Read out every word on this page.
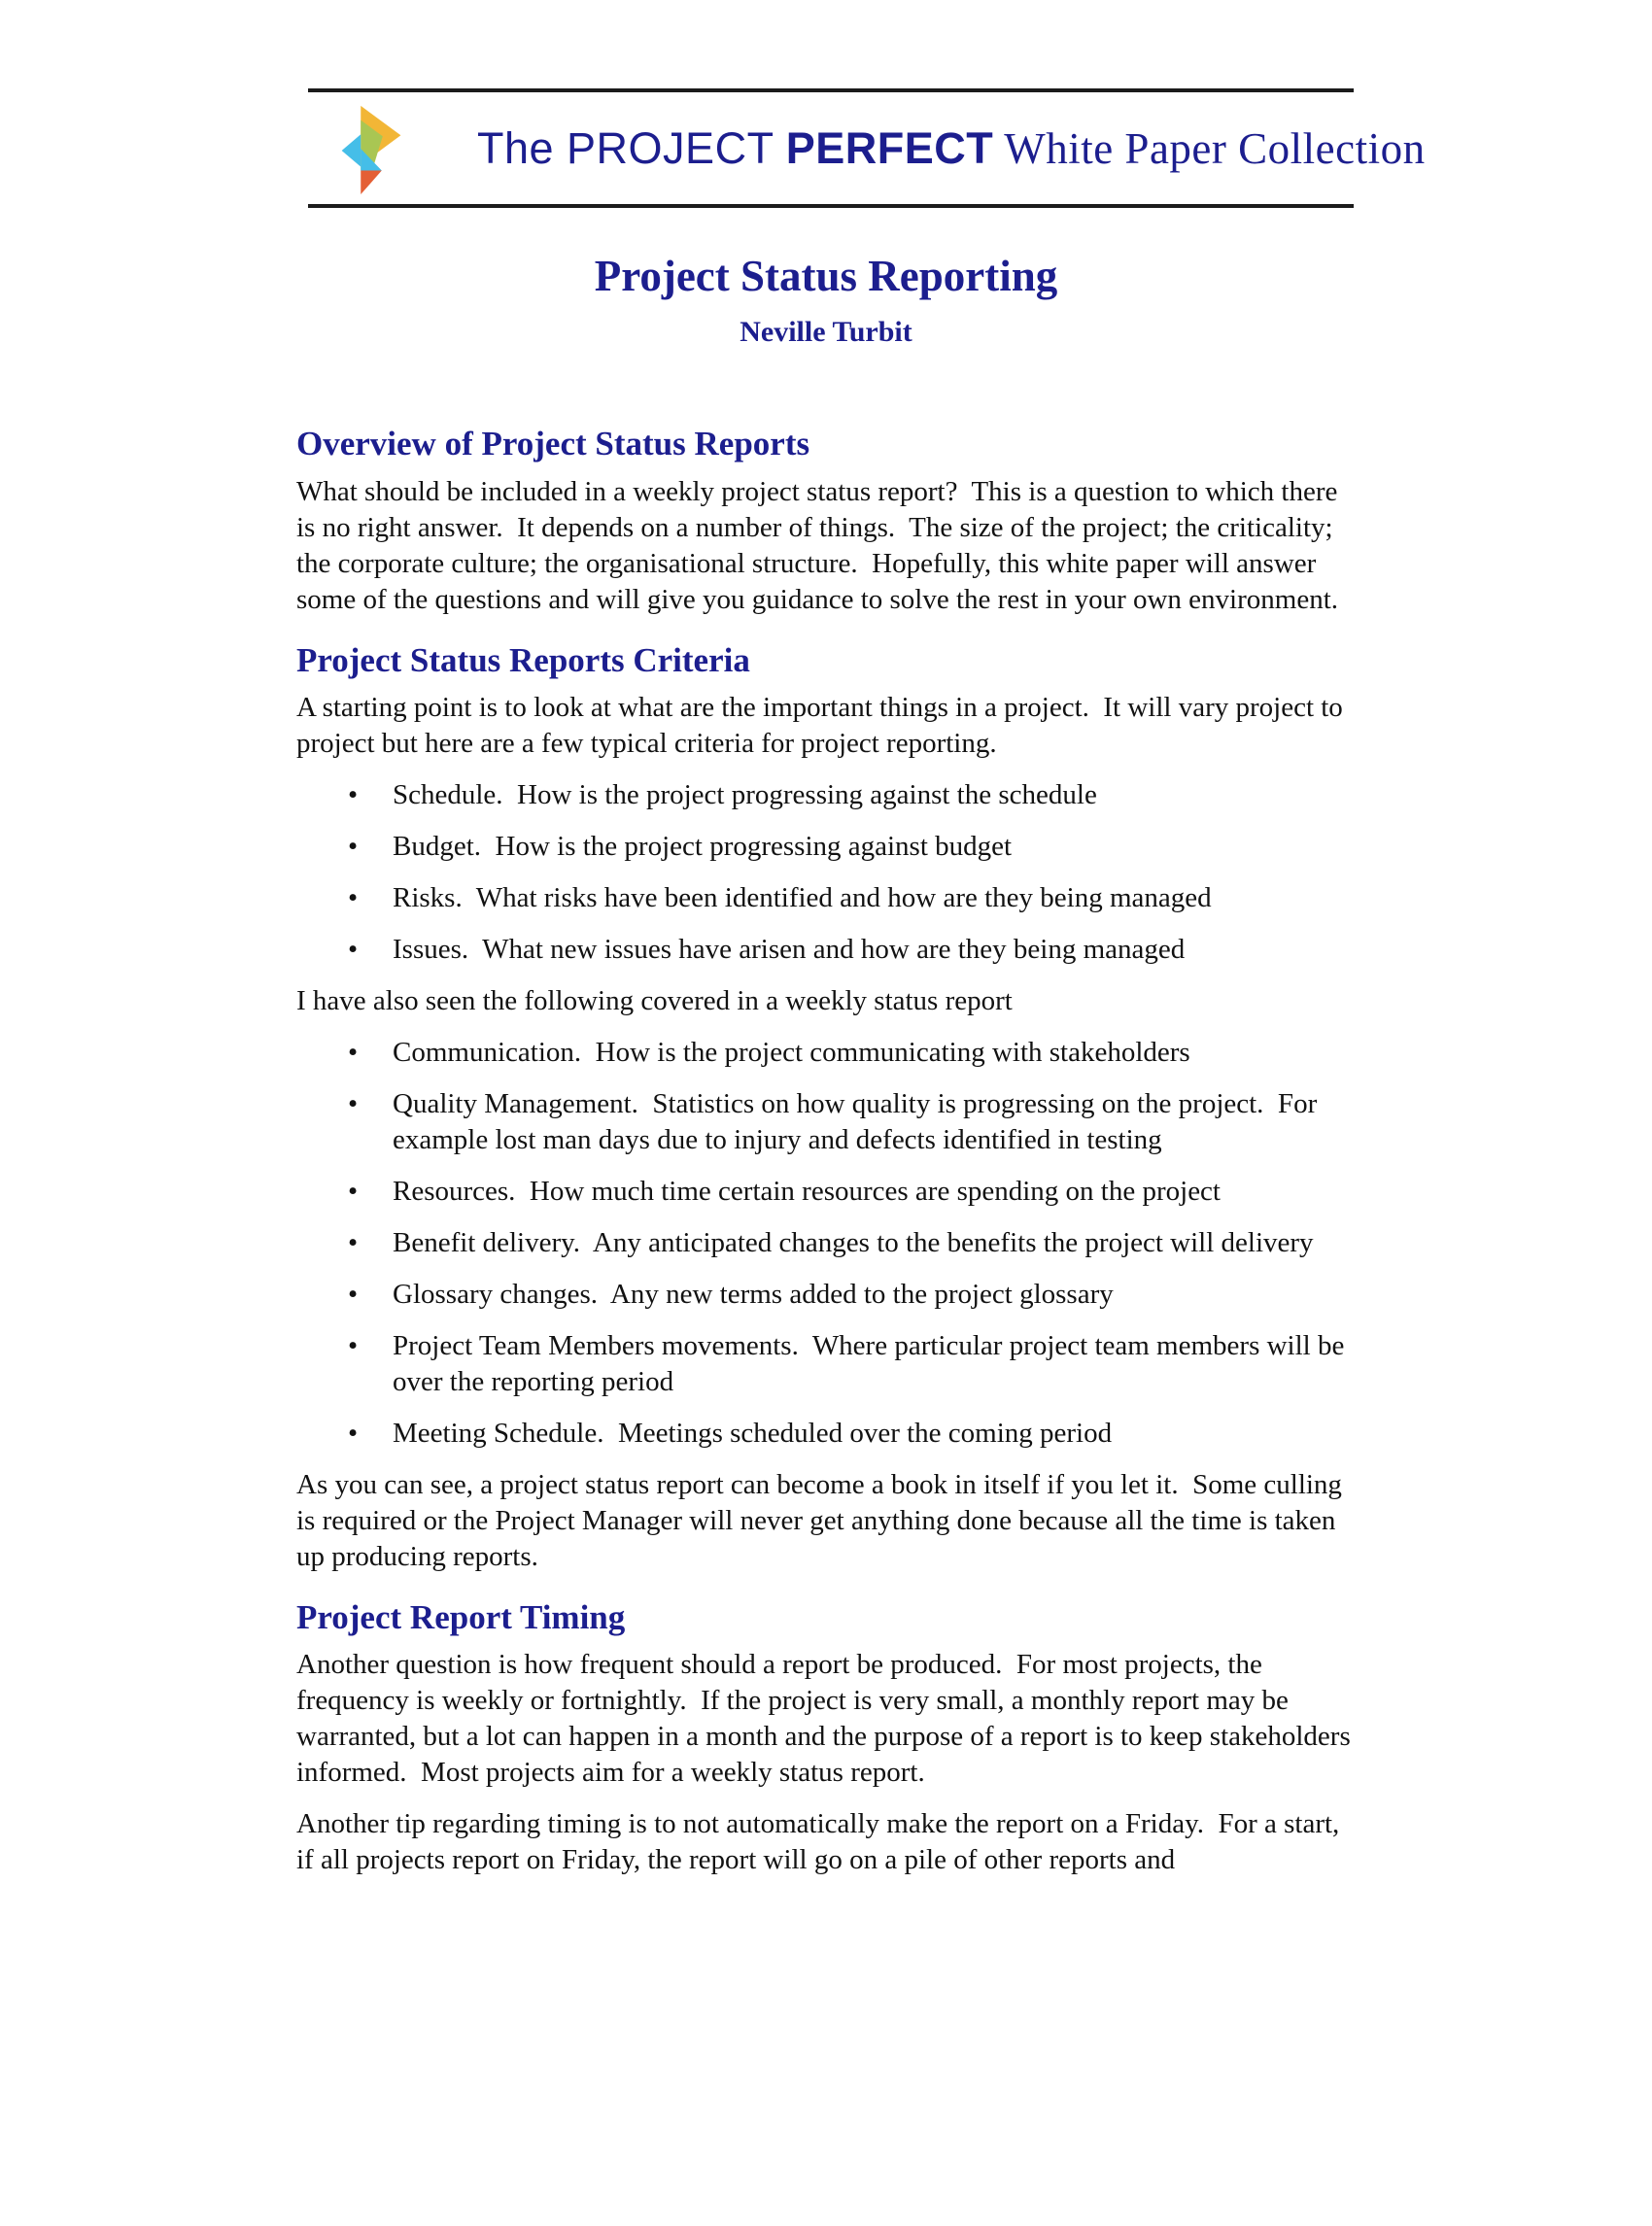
The PROJECT PERFECT White Paper Collection
Project Status Reporting
Neville Turbit
Overview of Project Status Reports

What should be included in a weekly project status report?  This is a question to which there is no right answer.  It depends on a number of things.  The size of the project; the criticality; the corporate culture; the organisational structure.  Hopefully, this white paper will answer some of the questions and will give you guidance to solve the rest in your own environment.

Project Status Reports Criteria

A starting point is to look at what are the important things in a project.  It will vary project to project but here are a few typical criteria for project reporting.

• Schedule.  How is the project progressing against the schedule
• Budget.  How is the project progressing against budget
• Risks.  What risks have been identified and how are they being managed
• Issues.  What new issues have arisen and how are they being managed

I have also seen the following covered in a weekly status report

• Communication.  How is the project communicating with stakeholders
• Quality Management.  Statistics on how quality is progressing on the project.  For example lost man days due to injury and defects identified in testing
• Resources.  How much time certain resources are spending on the project
• Benefit delivery.  Any anticipated changes to the benefits the project will delivery
• Glossary changes.  Any new terms added to the project glossary
• Project Team Members movements.  Where particular project team members will be over the reporting period
• Meeting Schedule.  Meetings scheduled over the coming period

As you can see, a project status report can become a book in itself if you let it.  Some culling is required or the Project Manager will never get anything done because all the time is taken up producing reports.

Project Report Timing

Another question is how frequent should a report be produced.  For most projects, the frequency is weekly or fortnightly.  If the project is very small, a monthly report may be warranted, but a lot can happen in a month and the purpose of a report is to keep stakeholders informed.  Most projects aim for a weekly status report.

Another tip regarding timing is to not automatically make the report on a Friday.  For a start, if all projects report on Friday, the report will go on a pile of other reports and
